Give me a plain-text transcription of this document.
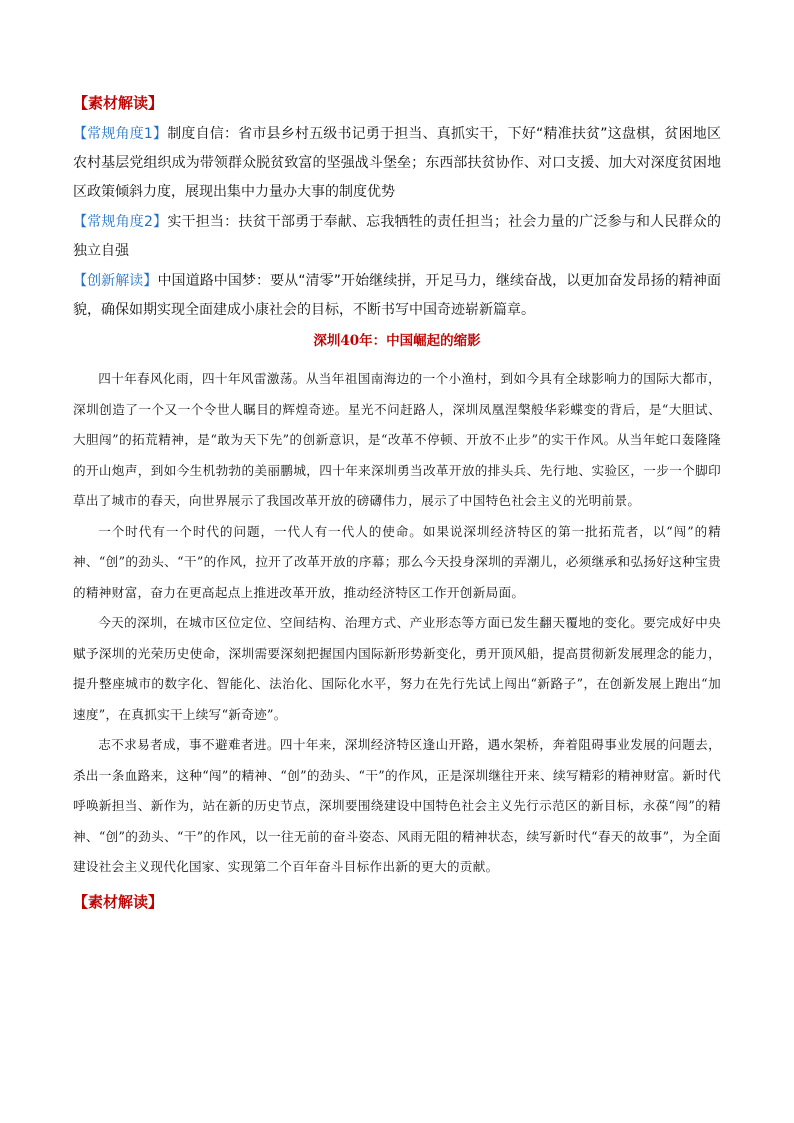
【素材解读】
【常规角度1】制度自信：省市县乡村五级书记勇于担当、真抓实干，下好“精准扶贫”这盘棋，贫困地区农村基层党组织成为带领群众脱贫致富的坚强战斗堡垒；东西部扶贫协作、对口支援、加大对深度贫困地区政策倾斜力度，展现出集中力量办大事的制度优势
【常规角度2】实干担当：扶贫干部勇于奉献、忘我牺牲的责任担当；社会力量的广泛参与和人民群众的独立自强
【创新解读】中国道路中国梦：要从“清零”开始继续拼，开足马力，继续奋战，以更加奋发昂扬的精神面貌，确保如期实现全面建成小康社会的目标，不断书写中国奇迹崭新篇章。
深圳40年：中国崛起的缩影

四十年春风化雨，四十年风雷激荡。从当年祖国南海边的一个小渔村，到如今具有全球影响力的国际大都市，深圳创造了一个又一个令世人瞩目的辉煌奇迹。星光不问赶路人，深圳凤凰涅槃般华彩蝶变的背后，是“大胆试、大胆闯”的拓荒精神，是“敢为天下先”的创新意识，是“改革不停顿、开放不止步”的实干作风。从当年蛇口轰隆隆的开山炮声，到如今生机勃勃的美丽鹏城，四十年来深圳勇当改革开放的排头兵、先行地、实验区，一步一个脚印草出了城市的春天，向世界展示了我国改革开放的磅礴伟力，展示了中国特色社会主义的光明前景。

一个时代有一个时代的问题，一代人有一代人的使命。如果说深圳经济特区的第一批拓荒者，以“闯”的精神、“创”的劲头、“干”的作风，拉开了改革开放的序幕；那么今天投身深圳的弄潮儿，必须继承和弘扬好这种宝贵的精神财富，奋力在更高起点上推进改革开放，推动经济特区工作开创新局面。

今天的深圳，在城市区位定位、空间结构、治理方式、产业形态等方面已发生翻天覆地的变化。要完成好中央赋予深圳的光荣历史使命，深圳需要深刻把握国内国际新形势新变化，勇开顶风船，提高贯彻新发展理念的能力，提升整座城市的数字化、智能化、法治化、国际化水平，努力在先行先试上闯出“新路子”，在创新发展上跑出“加速度”，在真抓实干上续写“新奇迹”。

志不求易者成，事不避难者进。四十年来，深圳经济特区逢山开路，遇水架桥，奔着阻碍事业发展的问题去，杀出一条血路来，这种“闯”的精神、“创”的劲头、“干”的作风，正是深圳继往开来、续写精彩的精神财富。新时代呼唤新担当、新作为，站在新的历史节点，深圳要围绕建设中国特色社会主义先行示范区的新目标，永葆“闯”的精神、“创”的劲头、“干”的作风，以一往无前的奋斗姿态、风雨无阻的精神状态，续写新时代“春天的故事”，为全面建设社会主义现代化国家、实现第二个百年奋斗目标作出新的更大的贡献。

【素材解读】
